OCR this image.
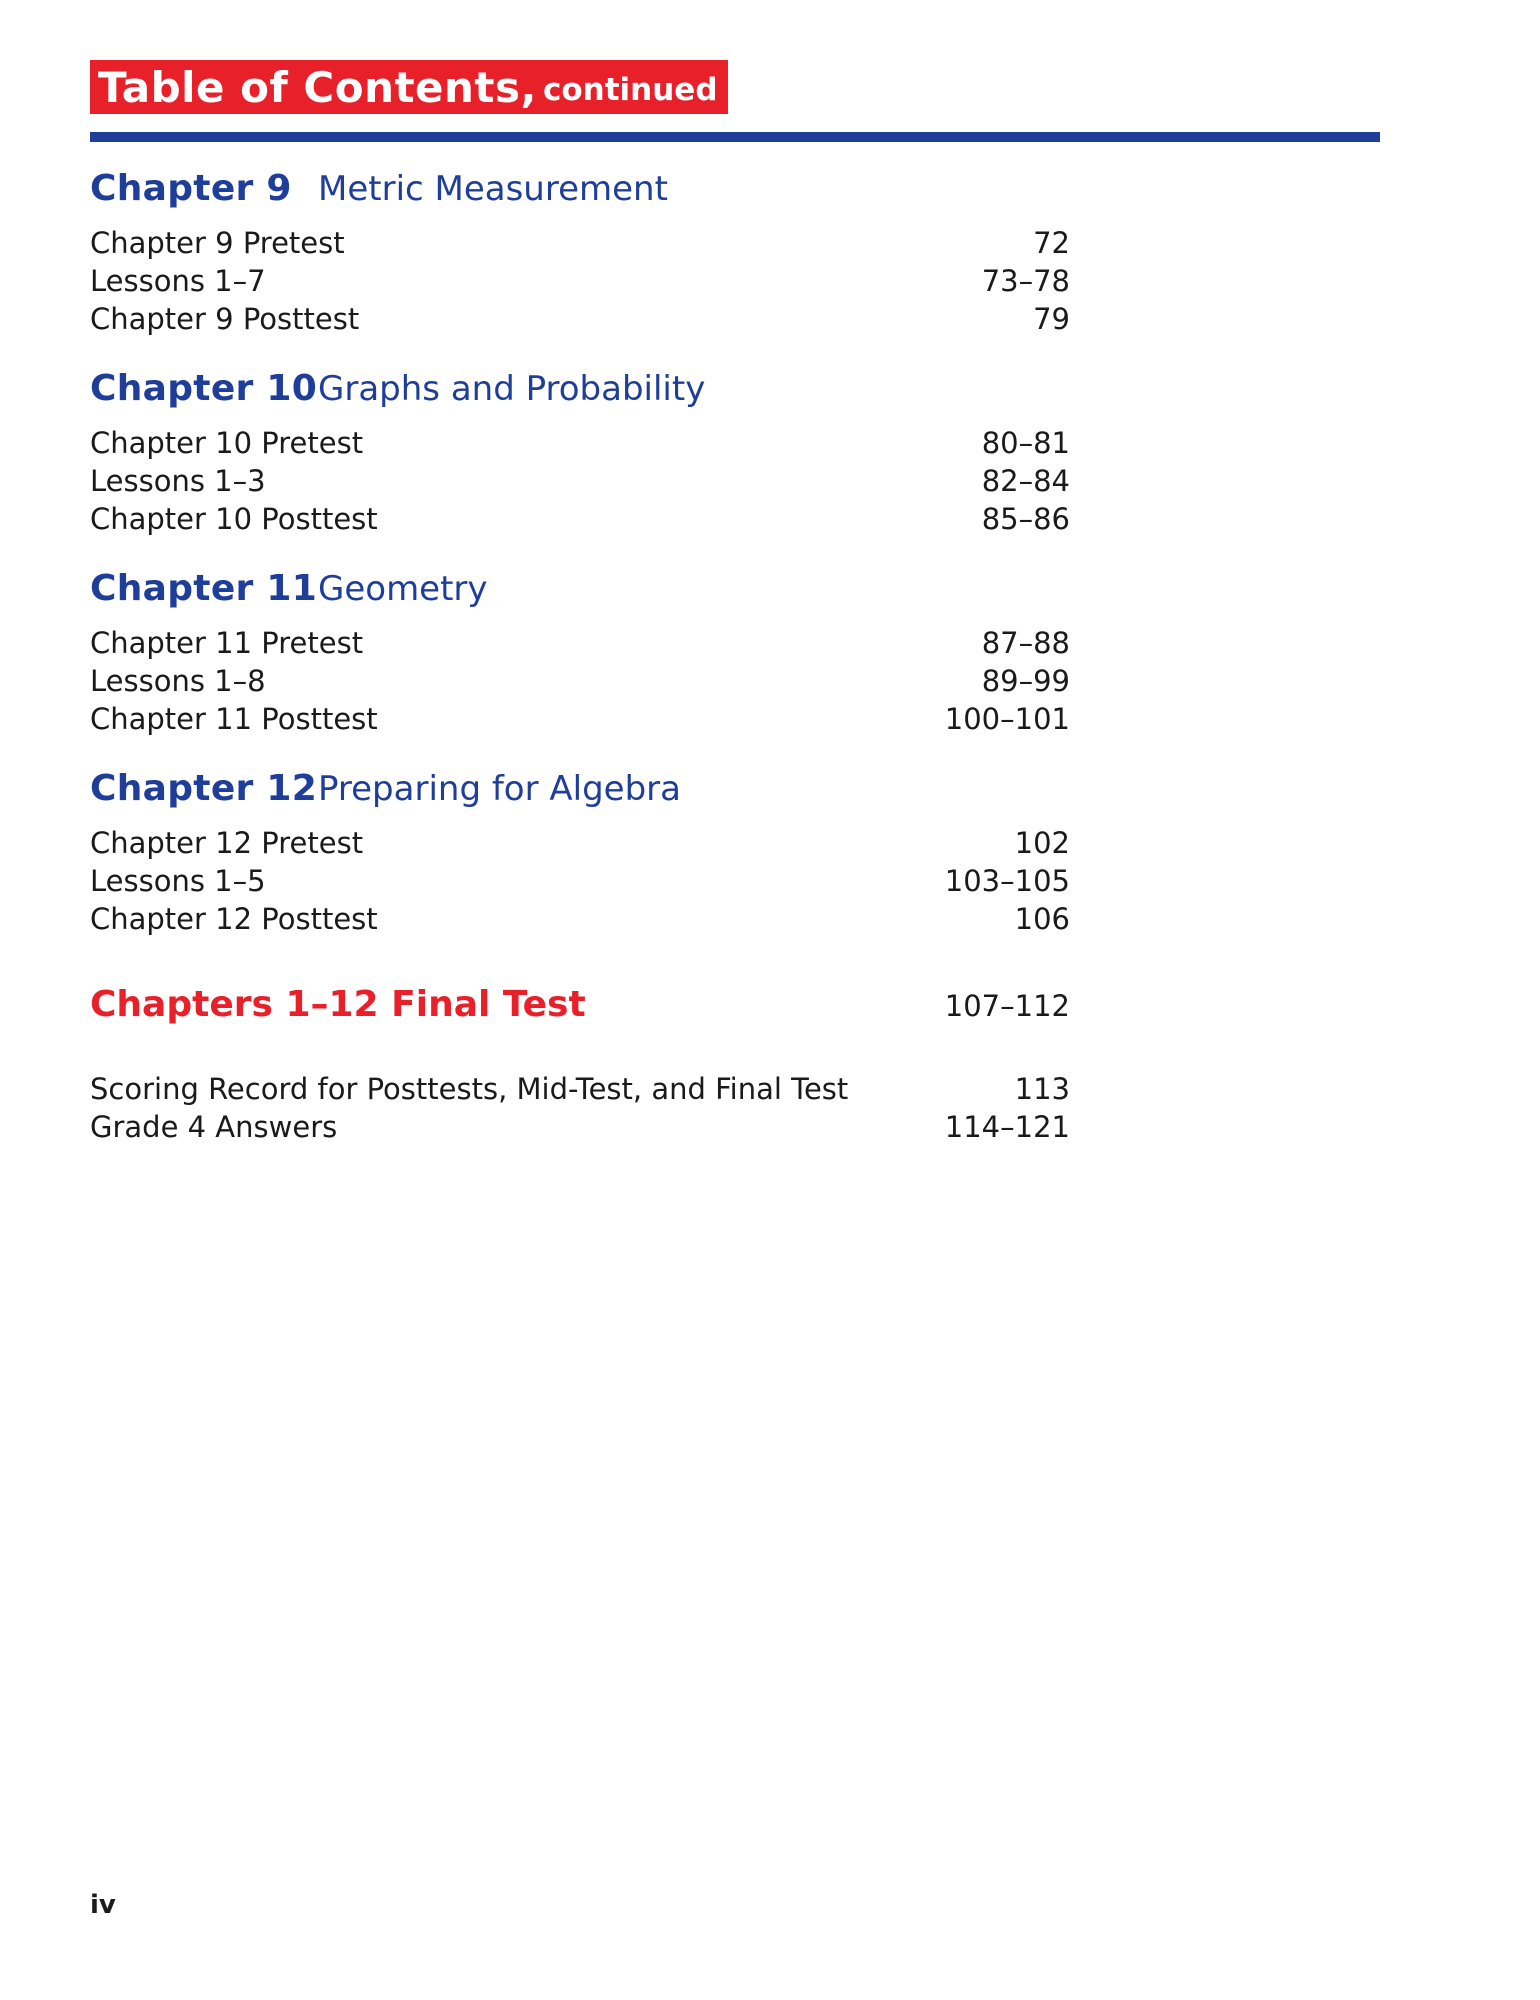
Table of Contents, continued
Chapter 9 Metric Measurement
Chapter 9 Pretest	72
Lessons 1–7	73–78
Chapter 9 Posttest	79
Chapter 10 Graphs and Probability
Chapter 10 Pretest	80–81
Lessons 1–3	82–84
Chapter 10 Posttest	85–86
Chapter 11 Geometry
Chapter 11 Pretest	87–88
Lessons 1–8	89–99
Chapter 11 Posttest	100–101
Chapter 12 Preparing for Algebra
Chapter 12 Pretest	102
Lessons 1–5	103–105
Chapter 12 Posttest	106
Chapters 1–12 Final Test	107–112
Scoring Record for Posttests, Mid-Test, and Final Test	113
Grade 4 Answers	114–121
iv
